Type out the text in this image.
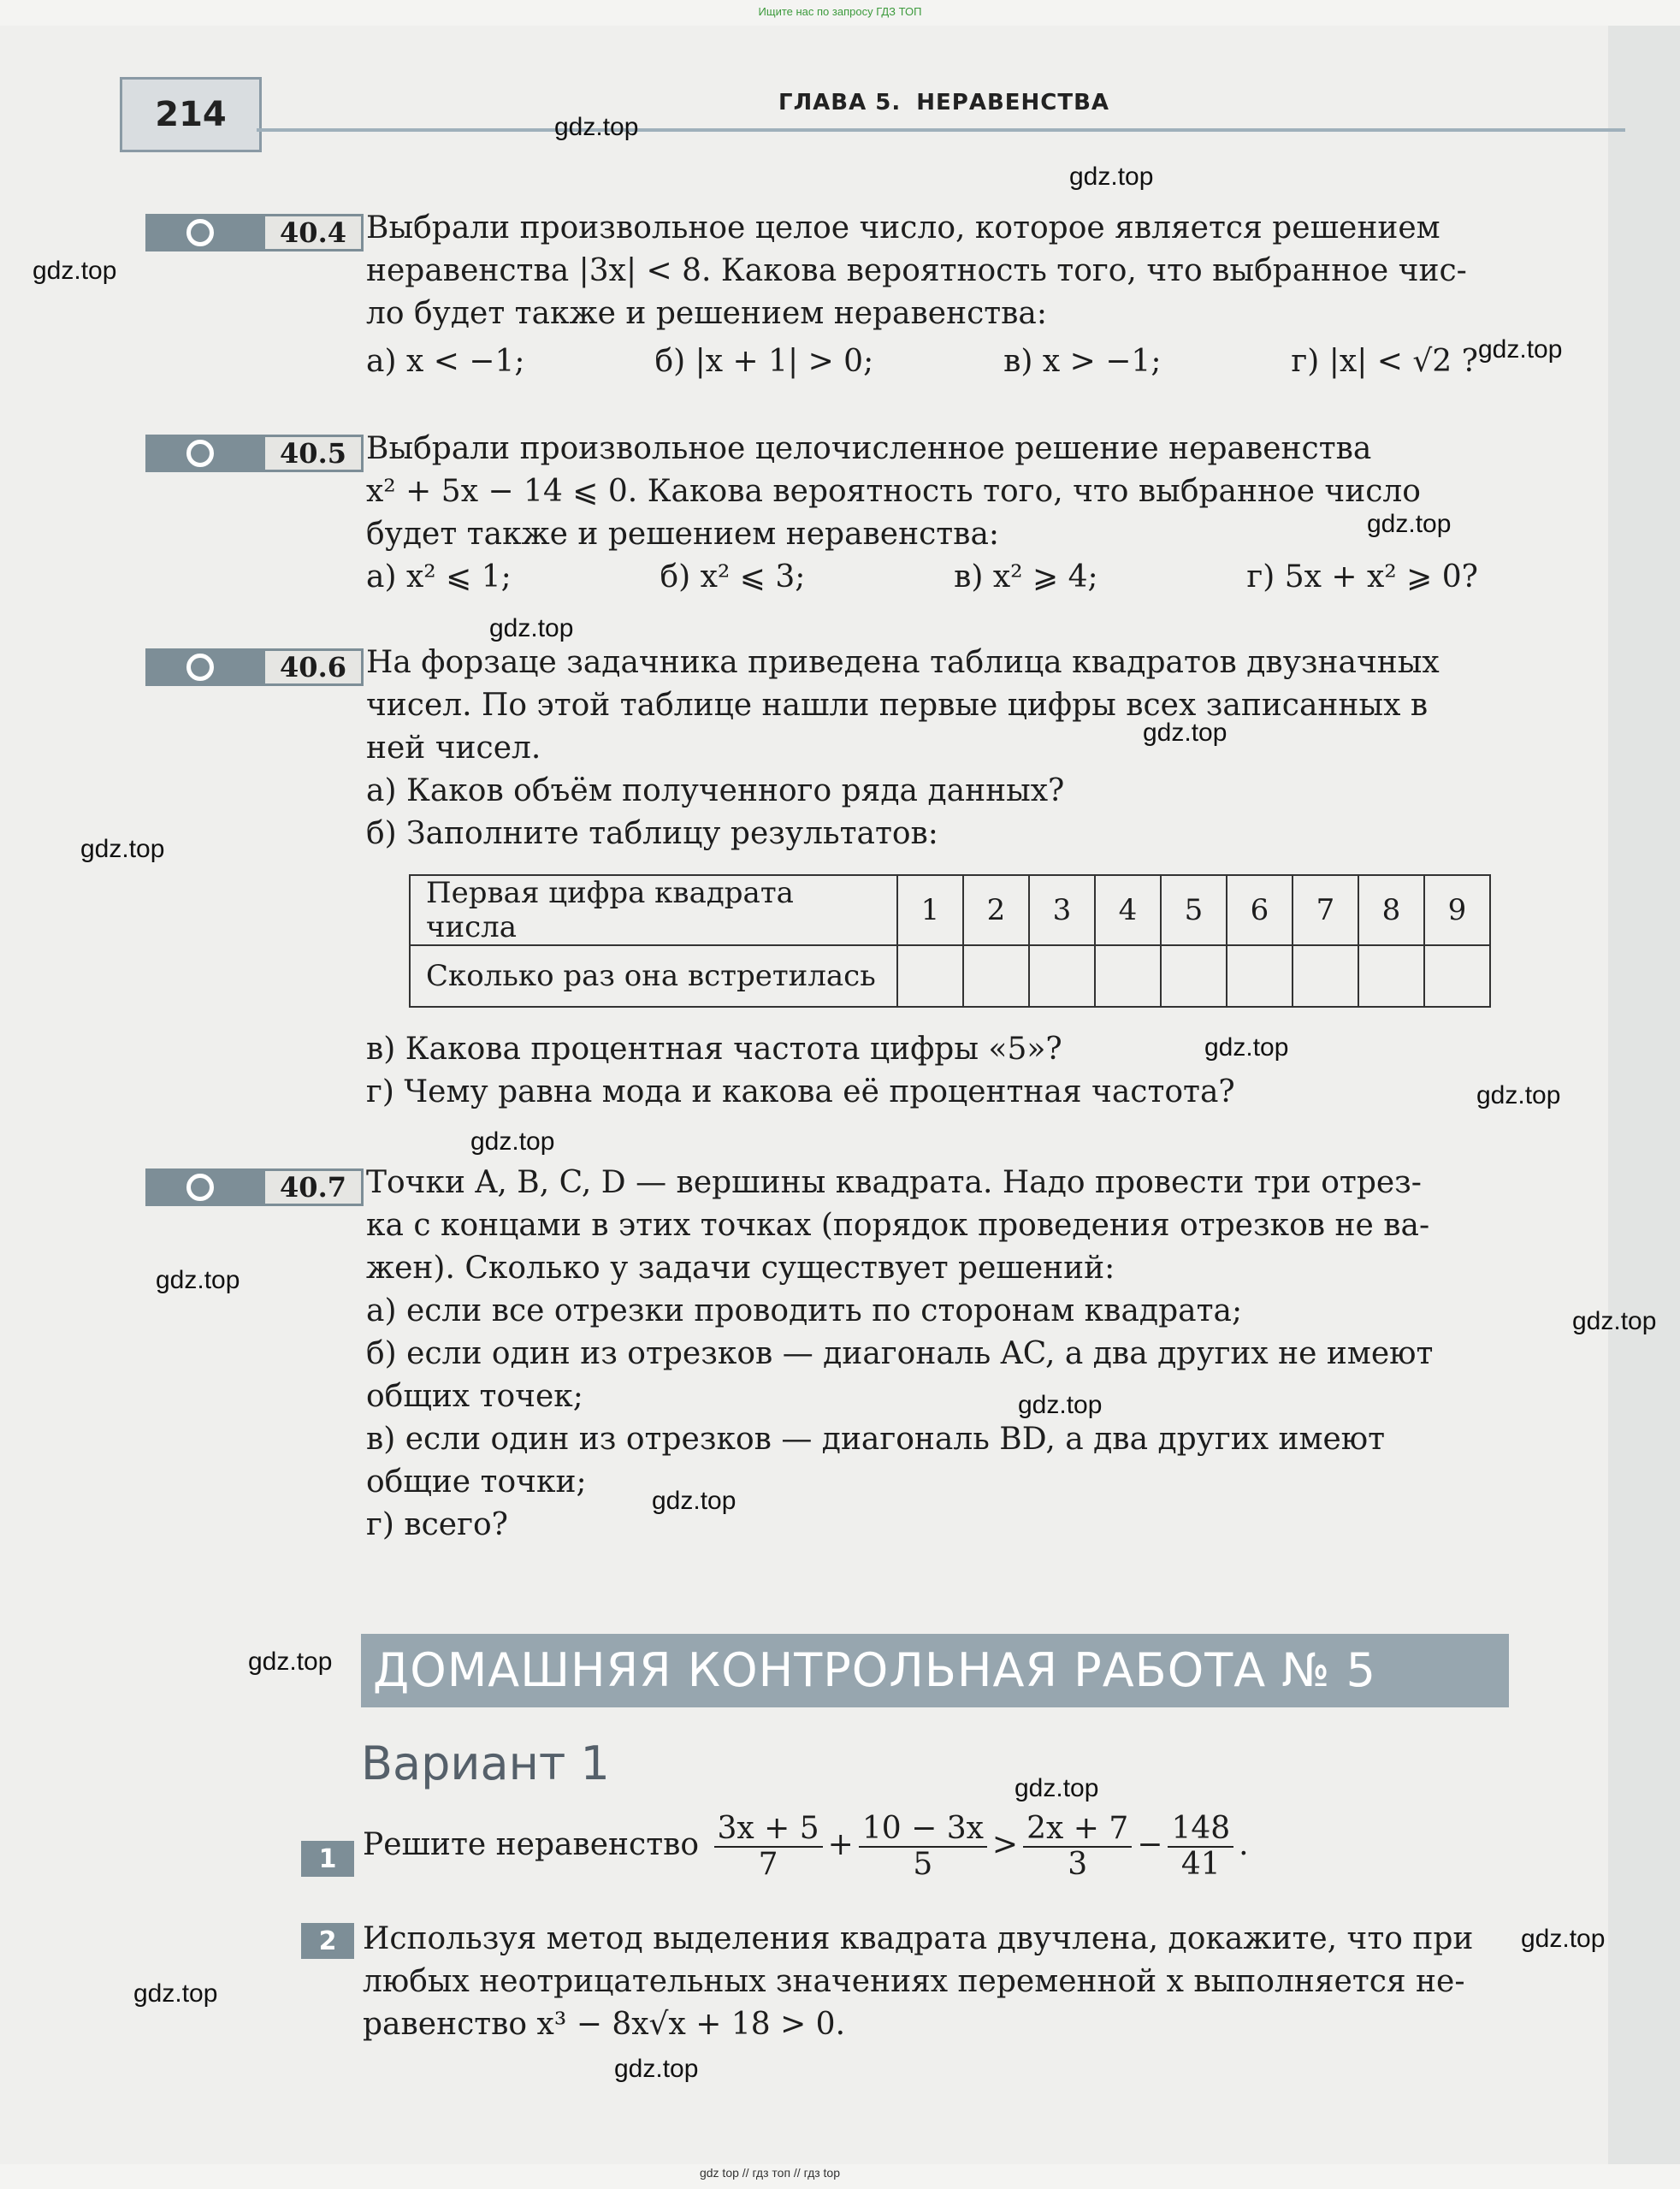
Ищите нас по запросу ГДЗ ТОП
214	ГЛАВА 5. НЕРАВЕНСТВА
40.4 Выбрали произвольное целое число, которое является решением
неравенства |3x| < 8. Какова вероятность того, что выбранное чис-
ло будет также и решением неравенства:
а) x < −1;	б) |x + 1| > 0;	в) x > −1;	г) |x| < √2 ?
40.5 Выбрали произвольное целочисленное решение неравенства
x² + 5x − 14 ⩽ 0. Какова вероятность того, что выбранное число
будет также и решением неравенства:
а) x² ⩽ 1;	б) x² ⩽ 3;	в) x² ⩾ 4;	г) 5x + x² ⩾ 0?
40.6 На форзаце задачника приведена таблица квадратов двузначных
чисел. По этой таблице нашли первые цифры всех записанных в
ней чисел.
а) Каков объём полученного ряда данных?
б) Заполните таблицу результатов:
Первая цифра квадрата числа	1	2	3	4	5	6	7	8	9
Сколько раз она встретилась									
в) Какова процентная частота цифры «5»?
г) Чему равна мода и какова её процентная частота?
40.7 Точки A, B, C, D — вершины квадрата. Надо провести три отрез-
ка с концами в этих точках (порядок проведения отрезков не ва-
жен). Сколько у задачи существует решений:
а) если все отрезки проводить по сторонам квадрата;
б) если один из отрезков — диагональ AC, а два других не имеют
общих точек;
в) если один из отрезков — диагональ BD, а два других имеют
общие точки;
г) всего?
ДОМАШНЯЯ КОНТРОЛЬНАЯ РАБОТА № 5
Вариант 1
1 Решите неравенство $\frac{3x + 5}{7} + \frac{10 - 3x}{5} > \frac{2x + 7}{3} - \frac{148}{41}$ .
2 Используя метод выделения квадрата двучлена, докажите, что при
любых неотрицательных значениях переменной x выполняется не-
равенство x³ − 8x√x + 18 > 0.
gdz.top
gdz.top
gdz.top
gdz.top
gdz.top
gdz.top
gdz.top
gdz.top
gdz.top
gdz.top
gdz.top
gdz.top
gdz.top
gdz.top
gdz.top
gdz.top
gdz.top
gdz.top
gdz.top
gdz.top
gdz top // гдз топ // гдз top
